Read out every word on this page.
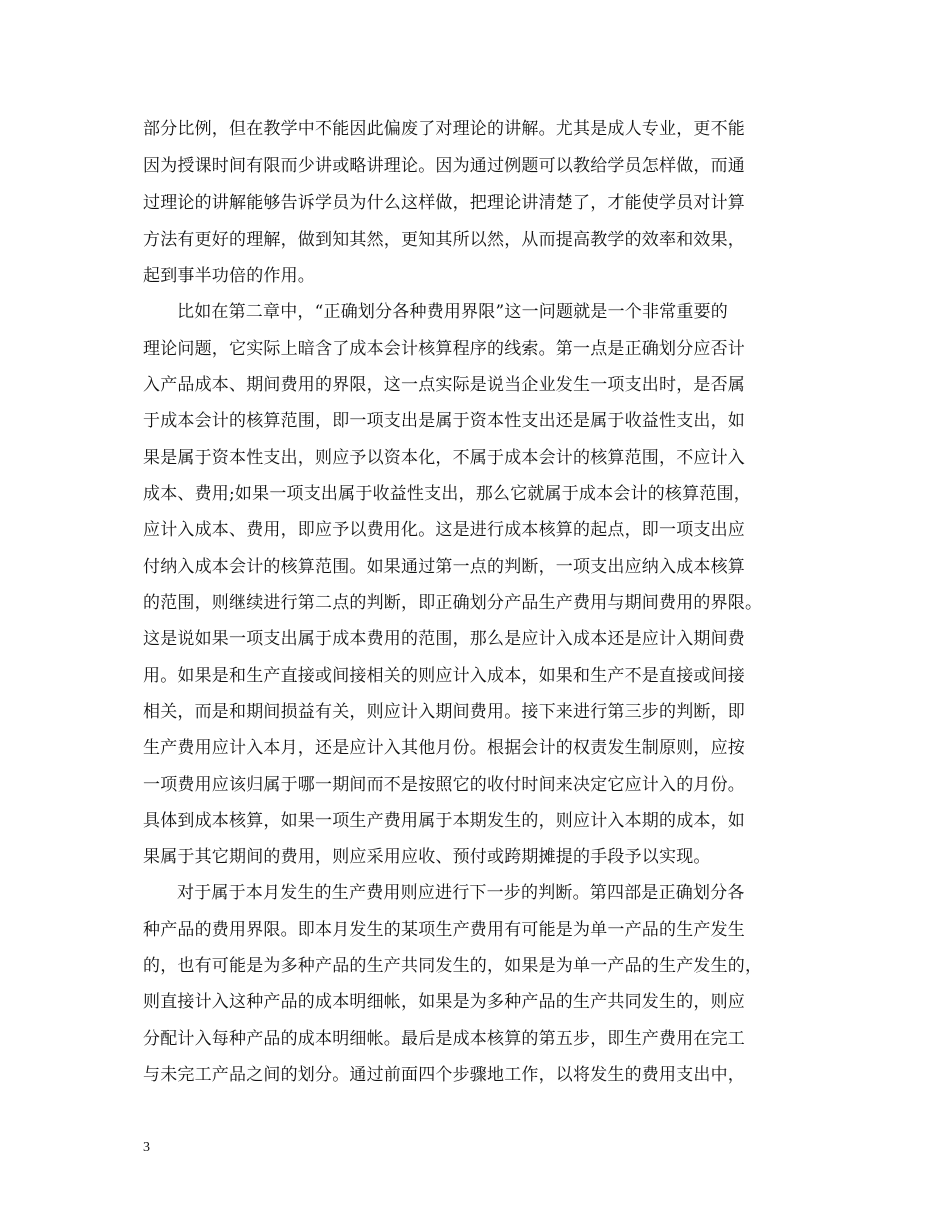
部分比例，但在教学中不能因此偏废了对理论的讲解。尤其是成人专业，更不能
因为授课时间有限而少讲或略讲理论。因为通过例题可以教给学员怎样做，而通
过理论的讲解能够告诉学员为什么这样做，把理论讲清楚了，才能使学员对计算
方法有更好的理解，做到知其然，更知其所以然，从而提高教学的效率和效果，
起到事半功倍的作用。
比如在第二章中，“正确划分各种费用界限”这一问题就是一个非常重要的
理论问题，它实际上暗含了成本会计核算程序的线索。第一点是正确划分应否计
入产品成本、期间费用的界限，这一点实际是说当企业发生一项支出时，是否属
于成本会计的核算范围，即一项支出是属于资本性支出还是属于收益性支出，如
果是属于资本性支出，则应予以资本化，不属于成本会计的核算范围，不应计入
成本、费用;如果一项支出属于收益性支出，那么它就属于成本会计的核算范围，
应计入成本、费用，即应予以费用化。这是进行成本核算的起点，即一项支出应
付纳入成本会计的核算范围。如果通过第一点的判断，一项支出应纳入成本核算
的范围，则继续进行第二点的判断，即正确划分产品生产费用与期间费用的界限。
这是说如果一项支出属于成本费用的范围，那么是应计入成本还是应计入期间费
用。如果是和生产直接或间接相关的则应计入成本，如果和生产不是直接或间接
相关，而是和期间损益有关，则应计入期间费用。接下来进行第三步的判断，即
生产费用应计入本月，还是应计入其他月份。根据会计的权责发生制原则，应按
一项费用应该归属于哪一期间而不是按照它的收付时间来决定它应计入的月份。
具体到成本核算，如果一项生产费用属于本期发生的，则应计入本期的成本，如
果属于其它期间的费用，则应采用应收、预付或跨期摊提的手段予以实现。
对于属于本月发生的生产费用则应进行下一步的判断。第四部是正确划分各
种产品的费用界限。即本月发生的某项生产费用有可能是为单一产品的生产发生
的，也有可能是为多种产品的生产共同发生的，如果是为单一产品的生产发生的，
则直接计入这种产品的成本明细帐，如果是为多种产品的生产共同发生的，则应
分配计入每种产品的成本明细帐。最后是成本核算的第五步，即生产费用在完工
与未完工产品之间的划分。通过前面四个步骤地工作，以将发生的费用支出中，
3
